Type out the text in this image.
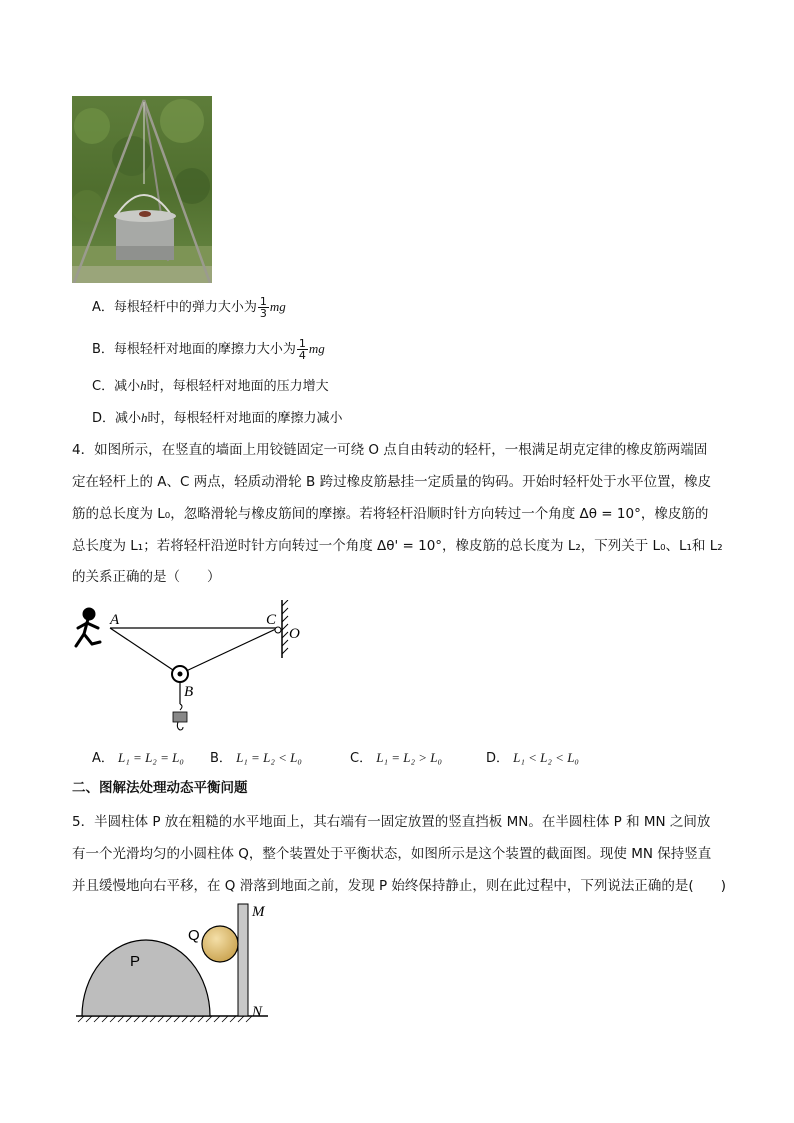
A．每根轻杆中的弹力大小为 $\frac{1}{3}$ mg
B．每根轻杆对地面的摩擦力大小为 $\frac{1}{4}$ mg
C．减小h时，每根轻杆对地面的压力增大
D．减小h时，每根轻杆对地面的摩擦力减小
4．如图所示，在竖直的墙面上用铰链固定一可绕 O 点自由转动的轻杆，一根满足胡克定律的橡皮筋两端固
定在轻杆上的 A、C 两点，轻质动滑轮 B 跨过橡皮筋悬挂一定质量的钩码。开始时轻杆处于水平位置，橡皮
筋的总长度为 L₀，忽略滑轮与橡皮筋间的摩擦。若将轻杆沿顺时针方向转过一个角度 Δθ = 10°，橡皮筋的
总长度为 L₁；若将轻杆沿逆时针方向转过一个角度 Δθ' = 10°，橡皮筋的总长度为 L₂，下列关于 L₀、L₁和 L₂
的关系正确的是（　　）
A	C
O
B
A． L₁ = L₂ = L₀ B． L₁ = L₂ < L₀	C． L₁ = L₂ > L₀	D． L₁ < L₂ < L₀
二、图解法处理动态平衡问题
5．半圆柱体 P 放在粗糙的水平地面上，其右端有一固定放置的竖直挡板 MN。在半圆柱体 P 和 MN 之间放
有一个光滑均匀的小圆柱体 Q，整个装置处于平衡状态，如图所示是这个装置的截面图。现使 MN 保持竖直
并且缓慢地向右平移，在 Q 滑落到地面之前，发现 P 始终保持静止，则在此过程中，下列说法正确的是(　　)
P
Q
M
N
